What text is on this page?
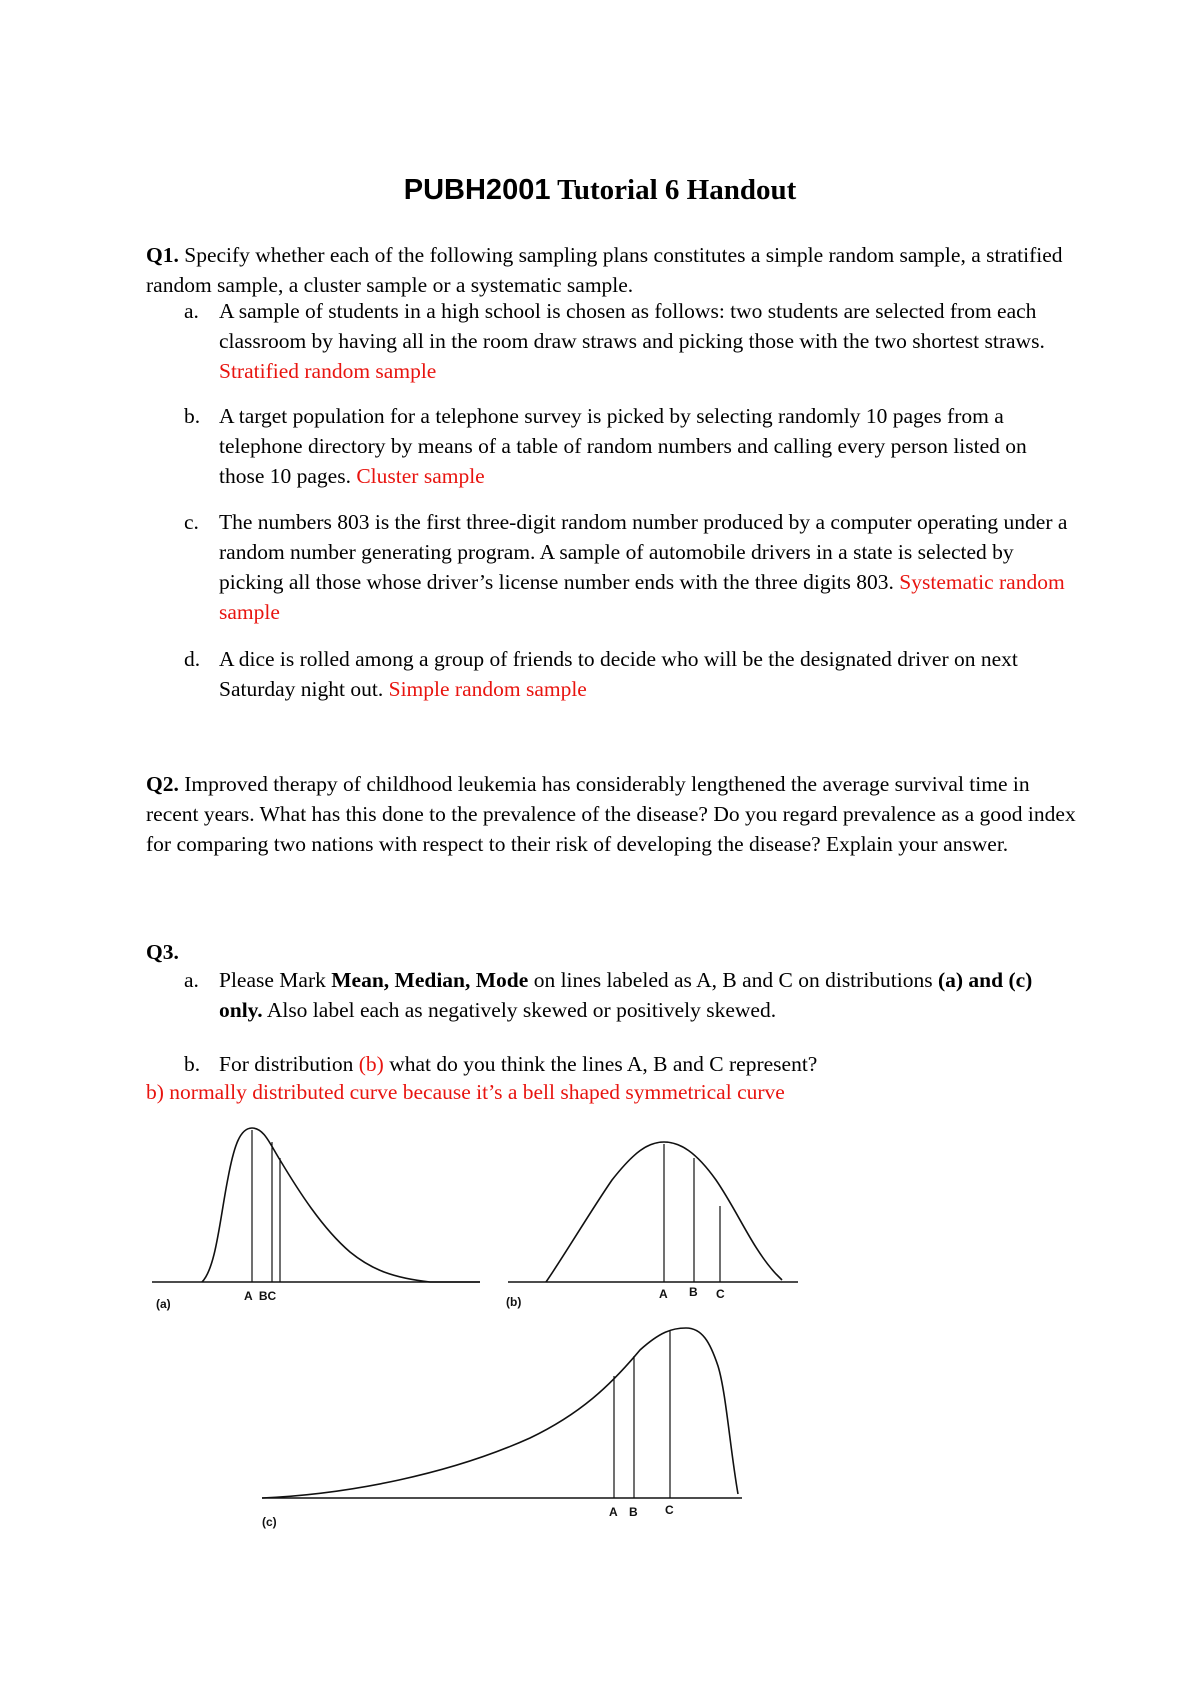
PUBH2001 Tutorial 6 Handout
Q1. Specify whether each of the following sampling plans constitutes a simple random sample, a stratified random sample, a cluster sample or a systematic sample.
a. A sample of students in a high school is chosen as follows: two students are selected from each classroom by having all in the room draw straws and picking those with the two shortest straws. Stratified random sample
b. A target population for a telephone survey is picked by selecting randomly 10 pages from a telephone directory by means of a table of random numbers and calling every person listed on those 10 pages. Cluster sample
c. The numbers 803 is the first three-digit random number produced by a computer operating under a random number generating program. A sample of automobile drivers in a state is selected by picking all those whose driver’s license number ends with the three digits 803. Systematic random sample
d. A dice is rolled among a group of friends to decide who will be the designated driver on next Saturday night out. Simple random sample
Q2. Improved therapy of childhood leukemia has considerably lengthened the average survival time in recent years. What has this done to the prevalence of the disease? Do you regard prevalence as a good index for comparing two nations with respect to their risk of developing the disease? Explain your answer.
Q3.
a. Please Mark Mean, Median, Mode on lines labeled as A, B and C on distributions (a) and (c) only. Also label each as negatively skewed or positively skewed.
b. For distribution (b) what do you think the lines A, B and C represent?
b) normally distributed curve because it’s a bell shaped symmetrical curve
(a)
A  BC	(b)
A B C
(c)
A B C
